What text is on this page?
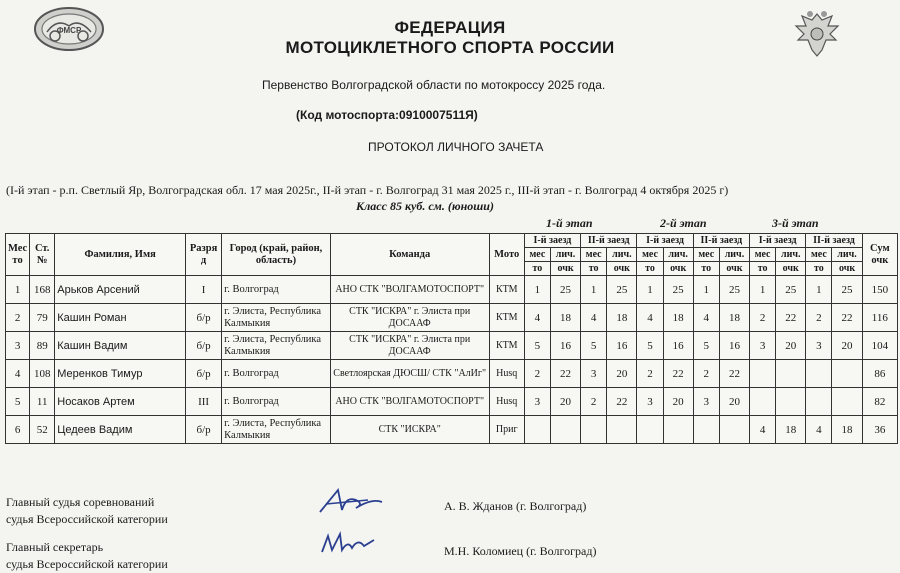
ФМСР	ФЕДЕРАЦИЯ
МОТОЦИКЛЕТНОГО СПОРТА РОССИИ
Первенство Волгоградской области по мотокроссу 2025 года.
(Код мотоспорта:0910007511Я)
ПРОТОКОЛ ЛИЧНОГО ЗАЧЕТА
(I-й этап - р.п. Светлый Яр, Волгоградская обл. 17 мая 2025г., II-й этап - г. Волгоград 31 мая 2025 г., III-й этап - г. Волгоград 4 октября 2025 г)
Класс 85 куб. см. (юноши)
1-й этап	2-й этап	3-й этап
Мес то	Ст. №	Фамилия, Имя	Разря д	Город (край, район, область)	Команда	Мото	I-й заезд		II-й заезд		I-й заезд		II-й заезд		I-й заезд		II-й заезд		Сум очк
							мес	лич.	мес	лич.	мес	лич.	мес	лич.	мес	лич.	мес	лич.	
							то	очк	то	очк	то	очк	то	очк	то	очк	то	очк	
1	168	Арьков Арсений	I	г. Волгоград	АНО СТК "ВОЛГАМОТОСПОРТ"	КТМ	1	25	1	25	1	25	1	25	1	25	1	25	150
2	79	Кашин Роман	б/р	г. Элиста, Республика Калмыкия	СТК "ИСКРА" г. Элиста при ДОСААФ	КТМ	4	18	4	18	4	18	4	18	2	22	2	22	116
3	89	Кашин Вадим	б/р	г. Элиста, Республика Калмыкия	СТК "ИСКРА" г. Элиста при ДОСААФ	КТМ	5	16	5	16	5	16	5	16	3	20	3	20	104
4	108	Меренков Тимур	б/р	г. Волгоград	Светлоярская ДЮСШ/ СТК "АлИг"	Husq	2	22	3	20	2	22	2	22					86
5	11	Носаков Артем	III	г. Волгоград	АНО СТК "ВОЛГАМОТОСПОРТ"	Husq	3	20	2	22	3	20	3	20					82
6	52	Цедеев Вадим	б/р	г. Элиста, Республика Калмыкия	СТК "ИСКРА"	Приг									4	18	4	18	36
Главный судья соревнований
судья Всероссийской категории
А. В. Жданов (г. Волгоград)
Главный секретарь
судья Всероссийской категории
М.Н. Коломиец (г. Волгоград)
